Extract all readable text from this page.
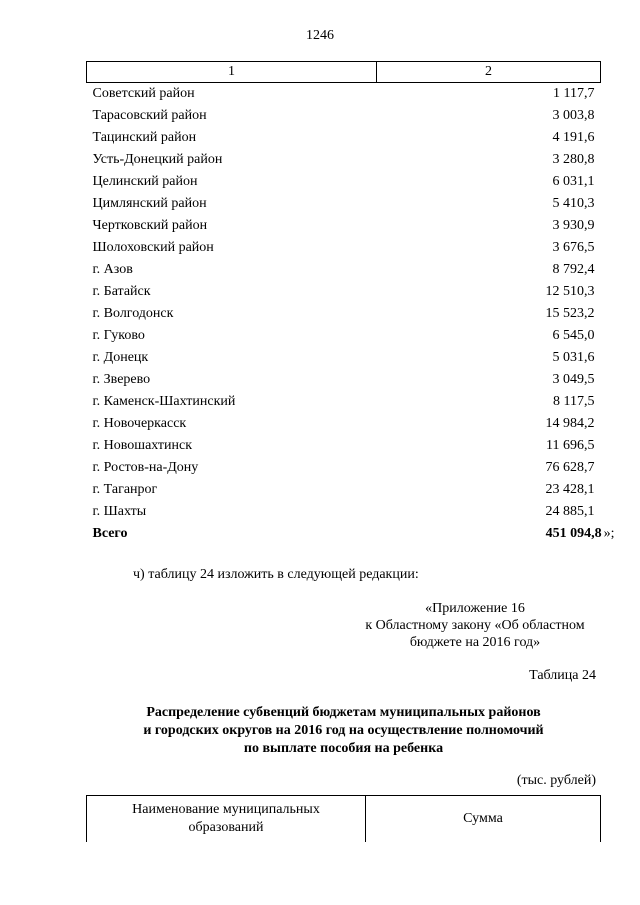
1246
1	2
Советский район	1 117,7
Тарасовский район	3 003,8
Тацинский район	4 191,6
Усть-Донецкий район	3 280,8
Целинский район	6 031,1
Цимлянский район	5 410,3
Чертковский район	3 930,9
Шолоховский район	3 676,5
г. Азов	8 792,4
г. Батайск	12 510,3
г. Волгодонск	15 523,2
г. Гуково	6 545,0
г. Донецк	5 031,6
г. Зверево	3 049,5
г. Каменск-Шахтинский	8 117,5
г. Новочеркасск	14 984,2
г. Новошахтинск	11 696,5
г. Ростов-на-Дону	76 628,7
г. Таганрог	23 428,1
г. Шахты	24 885,1
Всего	451 094,8 »;
ч) таблицу 24 изложить в следующей редакции:
«Приложение 16
к Областному закону «Об областном
бюджете на 2016 год»
Таблица 24
Распределение субвенций бюджетам муниципальных районов
и городских округов на 2016 год на осуществление полномочий
по выплате пособия на ребенка
(тыс. рублей)
Наименование муниципальных
образований
	Сумма
